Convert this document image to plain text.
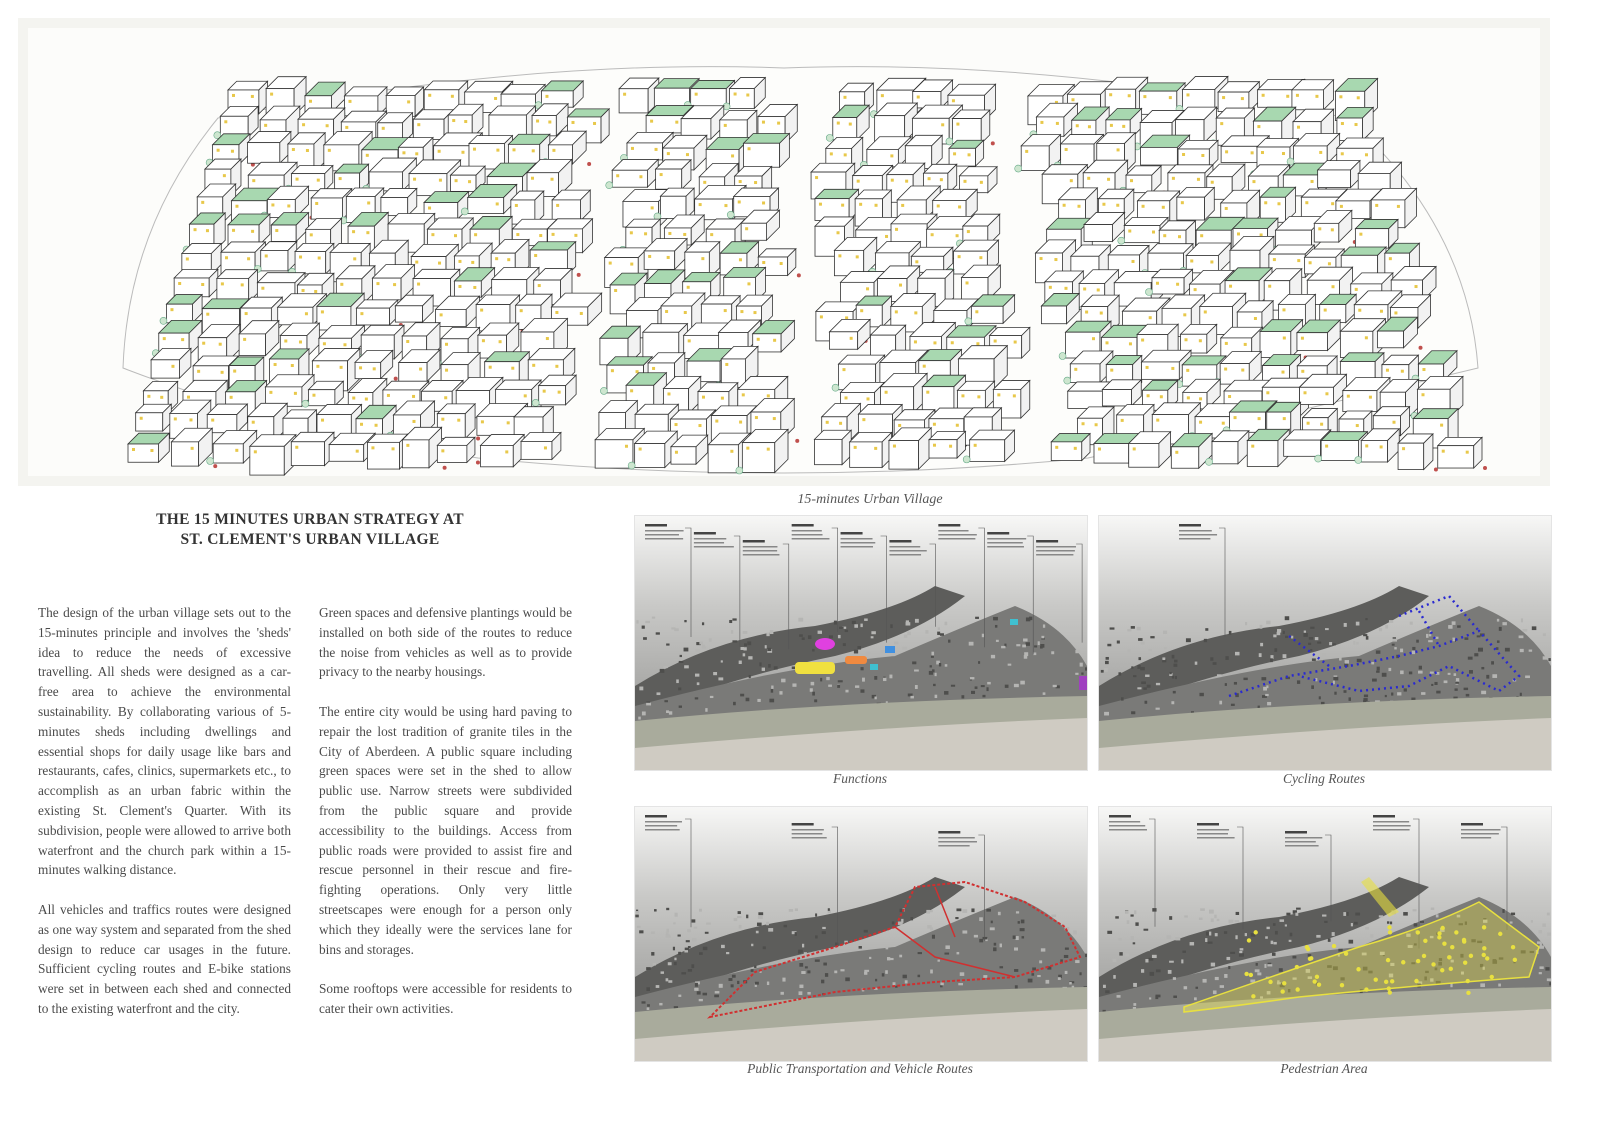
15-minutes Urban Village
THE 15 MINUTES URBAN STRATEGY AT
ST. CLEMENT'S URBAN VILLAGE

The design of the urban village sets out to the 15-minutes principle and involves the 'sheds' idea to reduce the needs of excessive travelling. All sheds were designed as a car-free area to achieve the environmental sustainability. By collaborating various of 5-minutes sheds including dwellings and essential shops for daily usage like bars and restaurants, cafes, clinics, supermarkets etc., to accomplish as an urban fabric within the existing St. Clement's Quarter. With its subdivision, people were allowed to arrive both waterfront and the church park within a 15-minutes walking distance.

All vehicles and traffics routes were designed as one way system and separated from the shed design to reduce car usages in the future. Sufficient cycling routes and E-bike stations were set in between each shed and connected to the existing waterfront and the city.

Green spaces and defensive plantings would be installed on both side of the routes to reduce the noise from vehicles as well as to provide privacy to the nearby housings.

The entire city would be using hard paving to repair the lost tradition of granite tiles in the City of Aberdeen. A public square including green spaces were set in the shed to allow public use. Narrow streets were subdivided from the public square and provide accessibility to the buildings. Access from public roads were provided to assist fire and rescue personnel in their rescue and fire-fighting operations. Only very little streetscapes were enough for a person only which they ideally were the services lane for bins and storages.

Some rooftops were accessible for residents to cater their own activities.

Functions	Cycling Routes
Public Transportation and Vehicle Routes	Pedestrian Area
